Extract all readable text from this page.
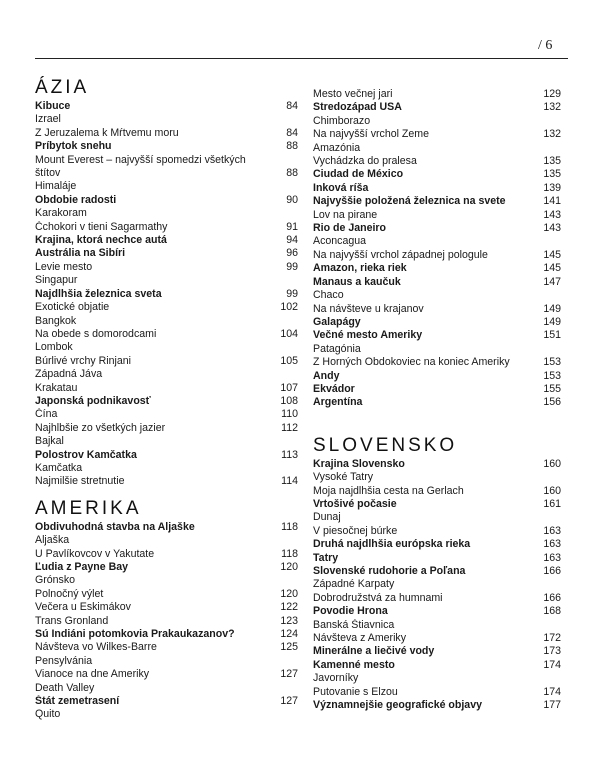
/ 6
ÁZIA
Kibuce	84
Izrael
Z Jeruzalema k Mŕtvemu moru	84
Príbytok snehu	88
Mount Everest – najvyšší spomedzi všetkých
štítov	88
Himaláje
Obdobie radosti	90
Karakoram
Čchokori v tieni Sagarmathy	91
Krajina, ktorá nechce autá	94
Austrália na Sibíri	96
Levie mesto	99
Singapur
Najdlhšia železnica sveta	99
Exotické objatie	102
Bangkok
Na obede s domorodcami	104
Lombok
Búrlivé vrchy Rinjani	105
Západná Jáva
Krakatau	107
Japonská podnikavosť	108
Čína	110
Najhlbšie zo všetkých jazier	112
Bajkal
Polostrov Kamčatka	113
Kamčatka
Najmilšie stretnutie	114
AMERIKA
Obdivuhodná stavba na Aljaške	118
Aljaška
U Pavlíkovcov v Yakutate	118
Ľudia z Payne Bay	120
Grónsko
Polnočný výlet	120
Večera u Eskimákov	122
Trans Gronland	123
Sú Indiáni potomkovia Prakaukazanov?	124
Návšteva vo Wilkes-Barre	125
Pensylvánia
Vianoce na dne Ameriky	127
Death Valley
Štát zemetrasení	127
Quito
Mesto večnej jari	129
Stredozápad USA	132
Chimborazo
Na najvyšší vrchol Zeme	132
Amazónia
Vychádzka do pralesa	135
Ciudad de México	135
Inková ríša	139
Najvyššie položená železnica na svete	141
Lov na pirane	143
Rio de Janeiro	143
Aconcagua
Na najvyšší vrchol západnej pologule	145
Amazon, rieka riek	145
Manaus a kaučuk	147
Chaco
Na návšteve u krajanov	149
Galapágy	149
Večné mesto Ameriky	151
Patagónia
Z Horných Obdokoviec na koniec Ameriky	153
Andy	153
Ekvádor	155
Argentína	156
SLOVENSKO
Krajina Slovensko	160
Vysoké Tatry
Moja najdlhšia cesta na Gerlach	160
Vrtošivé počasie	161
Dunaj
V piesočnej búrke	163
Druhá najdlhšia európska rieka	163
Tatry	163
Slovenské rudohorie a Poľana	166
Západné Karpaty
Dobrodružstvá za humnami	166
Povodie Hrona	168
Banská Štiavnica
Návšteva z Ameriky	172
Minerálne a liečivé vody	173
Kamenné mesto	174
Javorníky
Putovanie s Elzou	174
Významnejšie geografické objavy	177
